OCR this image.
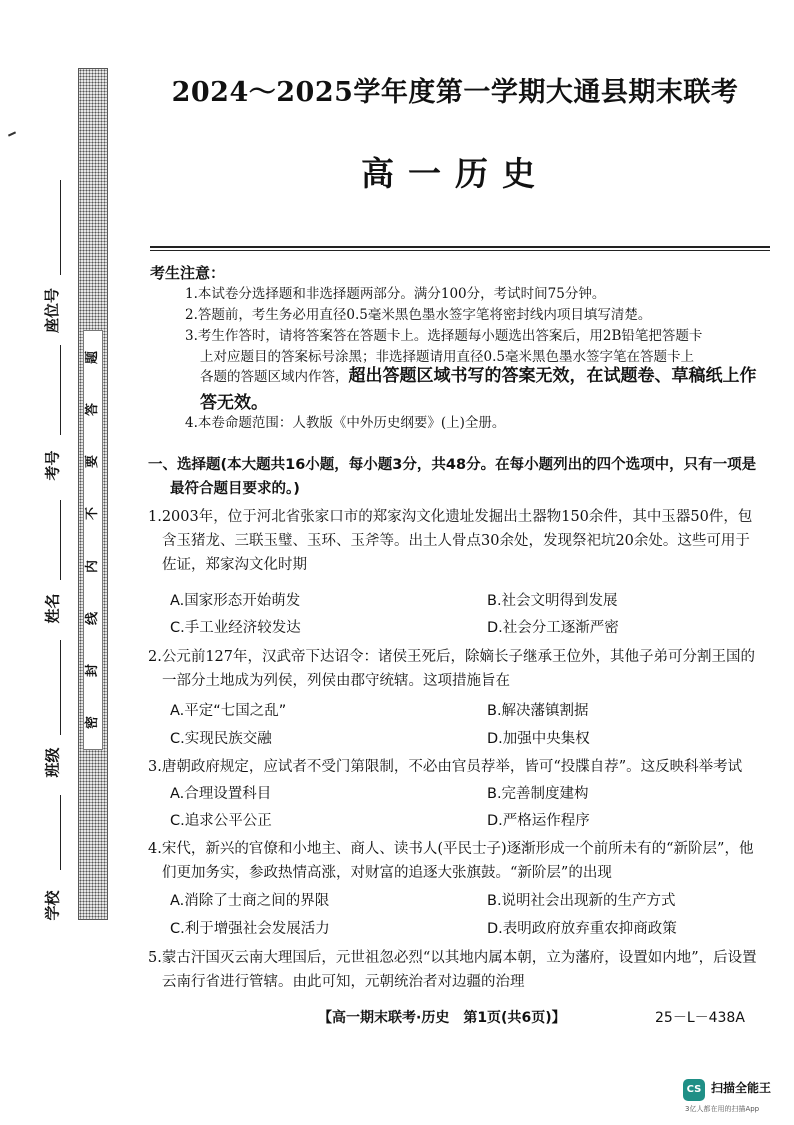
题
答
要
不
内
线
封
密
座位号
考号
姓名
班级
学校
2024～2025学年度第一学期大通县期末联考
高一历史
考生注意：
1.本试卷分选择题和非选择题两部分。满分100分，考试时间75分钟。
2.答题前，考生务必用直径0.5毫米黑色墨水签字笔将密封线内项目填写清楚。
3.考生作答时，请将答案答在答题卡上。选择题每小题选出答案后，用2B铅笔把答题卡
上对应题目的答案标号涂黑；非选择题请用直径0.5毫米黑色墨水签字笔在答题卡上
各题的答题区域内作答，超出答题区域书写的答案无效，在试题卷、草稿纸上作
答无效。
4.本卷命题范围：人教版《中外历史纲要》(上)全册。
一、选择题(本大题共16小题，每小题3分，共48分。在每小题列出的四个选项中，只有一项是
最符合题目要求的。)
1.2003年，位于河北省张家口市的郑家沟文化遗址发掘出土器物150余件，其中玉器50件，包
含玉猪龙、三联玉璧、玉环、玉斧等。出土人骨点30余处，发现祭祀坑20余处。这些可用于
佐证，郑家沟文化时期
A.国家形态开始萌发	B.社会文明得到发展
C.手工业经济较发达	D.社会分工逐渐严密
2.公元前127年，汉武帝下达诏令：诸侯王死后，除嫡长子继承王位外，其他子弟可分割王国的
一部分土地成为列侯，列侯由郡守统辖。这项措施旨在
A.平定“七国之乱”	B.解决藩镇割据
C.实现民族交融	D.加强中央集权
3.唐朝政府规定，应试者不受门第限制，不必由官员荐举，皆可“投牒自荐”。这反映科举考试
A.合理设置科目	B.完善制度建构
C.追求公平公正	D.严格运作程序
4.宋代，新兴的官僚和小地主、商人、读书人(平民士子)逐渐形成一个前所未有的“新阶层”，他
们更加务实，参政热情高涨，对财富的追逐大张旗鼓。“新阶层”的出现
A.消除了士商之间的界限	B.说明社会出现新的生产方式
C.利于增强社会发展活力	D.表明政府放弃重农抑商政策
5.蒙古汗国灭云南大理国后，元世祖忽必烈“以其地内属本朝，立为藩府，设置如内地”，后设置
云南行省进行管辖。由此可知，元朝统治者对边疆的治理
【高一期末联考·历史　第1页(共6页)】	25－L－438A
CS 扫描全能王
3亿人都在用的扫描App
